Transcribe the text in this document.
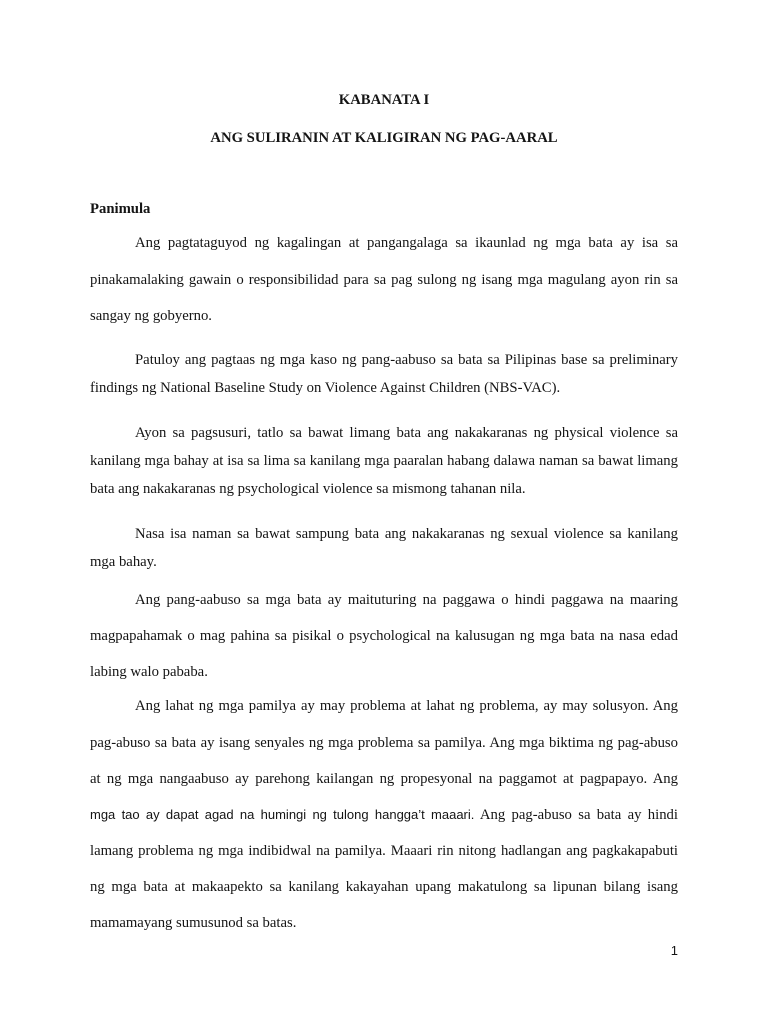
KABANATA I
ANG SULIRANIN AT KALIGIRAN NG PAG-AARAL
Panimula
Ang pagtataguyod ng kagalingan at pangangalaga sa ikaunlad ng mga bata ay isa sa
pinakamalaking gawain o responsibilidad para sa pag sulong ng isang mga magulang ayon rin sa
sangay ng gobyerno.
Patuloy ang pagtaas ng mga kaso ng pang-aabuso sa bata sa Pilipinas base sa preliminary
findings ng National Baseline Study on Violence Against Children (NBS-VAC).
Ayon sa pagsusuri, tatlo sa bawat limang bata ang nakakaranas ng physical violence sa
kanilang mga bahay at isa sa lima sa kanilang mga paaralan habang dalawa naman sa bawat limang
bata ang nakakaranas ng psychological violence sa mismong tahanan nila.
Nasa isa naman sa bawat sampung bata ang nakakaranas ng sexual violence sa kanilang
mga bahay.
Ang pang-aabuso sa mga bata ay maituturing na paggawa o hindi paggawa na maaring
magpapahamak o mag pahina sa pisikal o psychological na kalusugan ng mga bata na nasa edad
labing walo pababa.
Ang lahat ng mga pamilya ay may problema at lahat ng problema, ay may solusyon. Ang
pag-abuso sa bata ay isang senyales ng mga problema sa pamilya. Ang mga biktima ng pag-abuso
at ng mga nangaabuso ay parehong kailangan ng propesyonal na paggamot at pagpapayo. Ang
mga tao ay dapat agad na humingi ng tulong hangga’t maaari. Ang pag-abuso sa bata ay hindi
lamang problema ng mga indibidwal na pamilya. Maaari rin nitong hadlangan ang pagkakapabuti
ng mga bata at makaapekto sa kanilang kakayahan upang makatulong sa lipunan bilang isang
mamamayang sumusunod sa batas.
1
